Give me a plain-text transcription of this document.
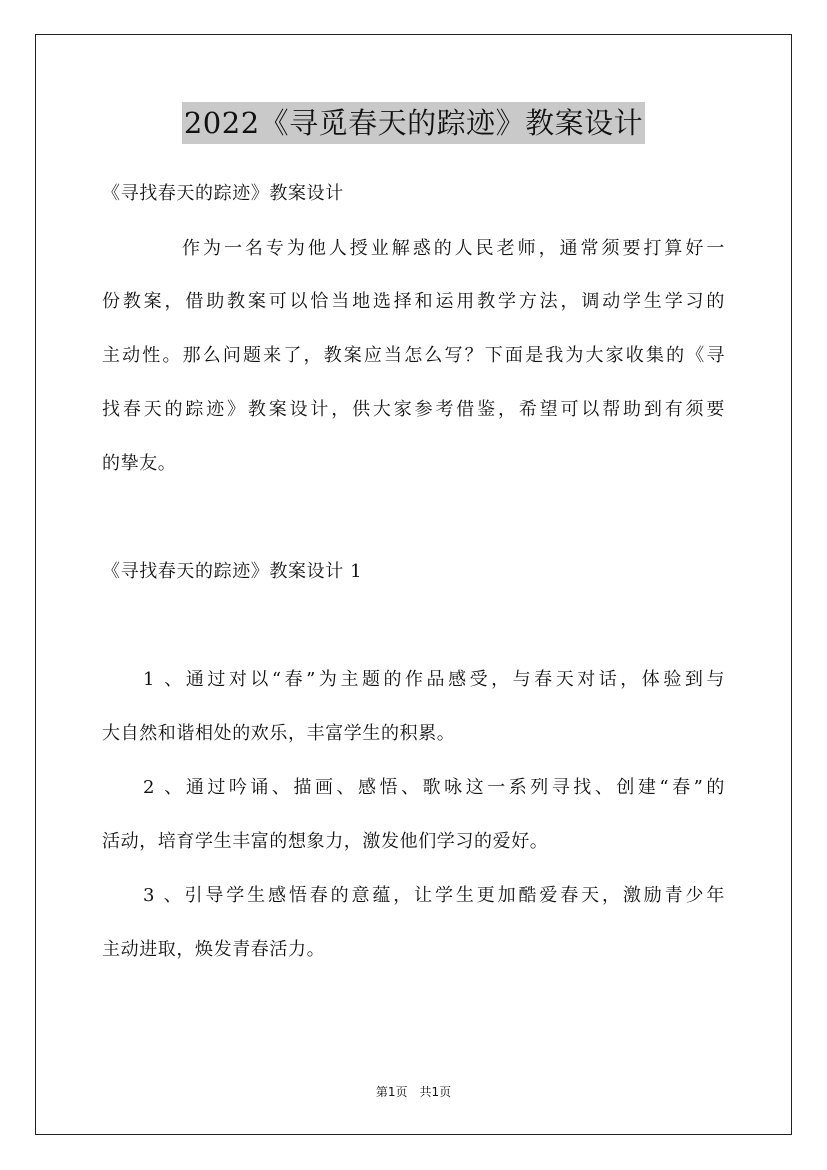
2022《寻觅春天的踪迹》教案设计
《寻找春天的踪迹》教案设计
作为一名专为他人授业解惑的人民老师，通常须要打算好一
份教案，借助教案可以恰当地选择和运用教学方法，调动学生学习的
主动性。那么问题来了，教案应当怎么写？下面是我为大家收集的《寻
找春天的踪迹》教案设计，供大家参考借鉴，希望可以帮助到有须要
的挚友。
《寻找春天的踪迹》教案设计 1
1 、通过对以“春”为主题的作品感受，与春天对话，体验到与
大自然和谐相处的欢乐，丰富学生的积累。
2 、通过吟诵、描画、感悟、歌咏这一系列寻找、创建“春”的
活动，培育学生丰富的想象力，激发他们学习的爱好。
3 、引导学生感悟春的意蕴，让学生更加酷爱春天，激励青少年
主动进取，焕发青春活力。
第1页　共1页
